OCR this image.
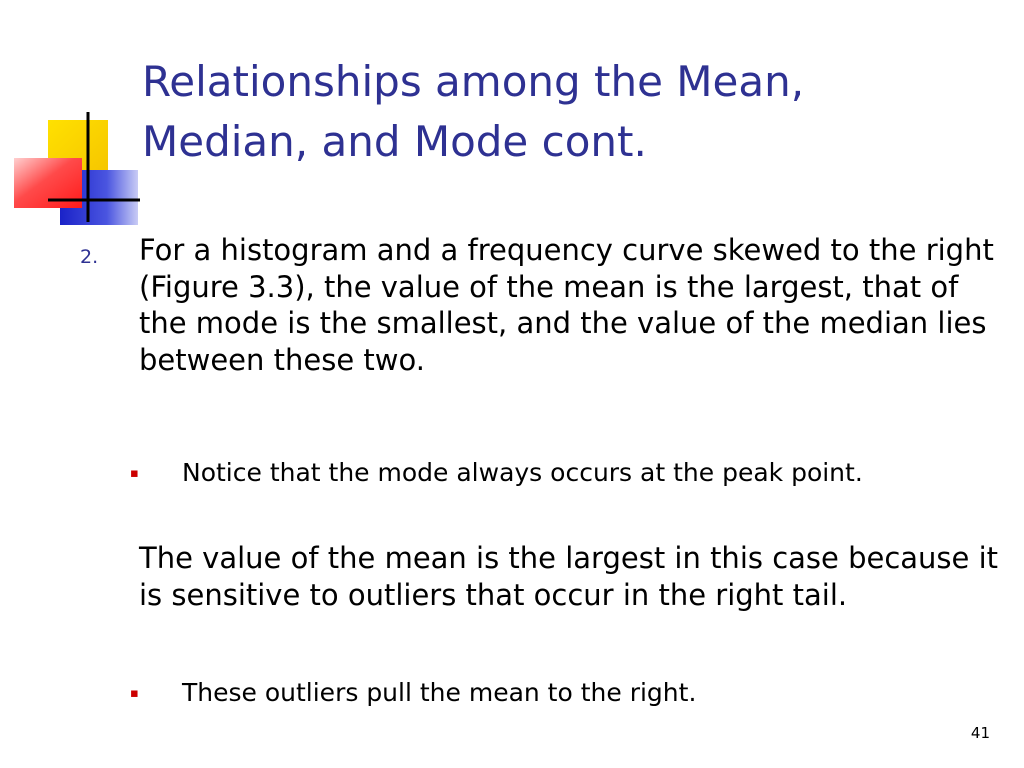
Relationships among the Mean,
Median, and Mode cont.
2. For a histogram and a frequency curve skewed to the right (Figure 3.3), the value of the mean is the largest, that of the mode is the smallest, and the value of the median lies between these two.
▪	Notice that the mode always occurs at the peak point.
The value of the mean is the largest in this case because it is sensitive to outliers that occur in the right tail.
▪	These outliers pull the mean to the right.
41
